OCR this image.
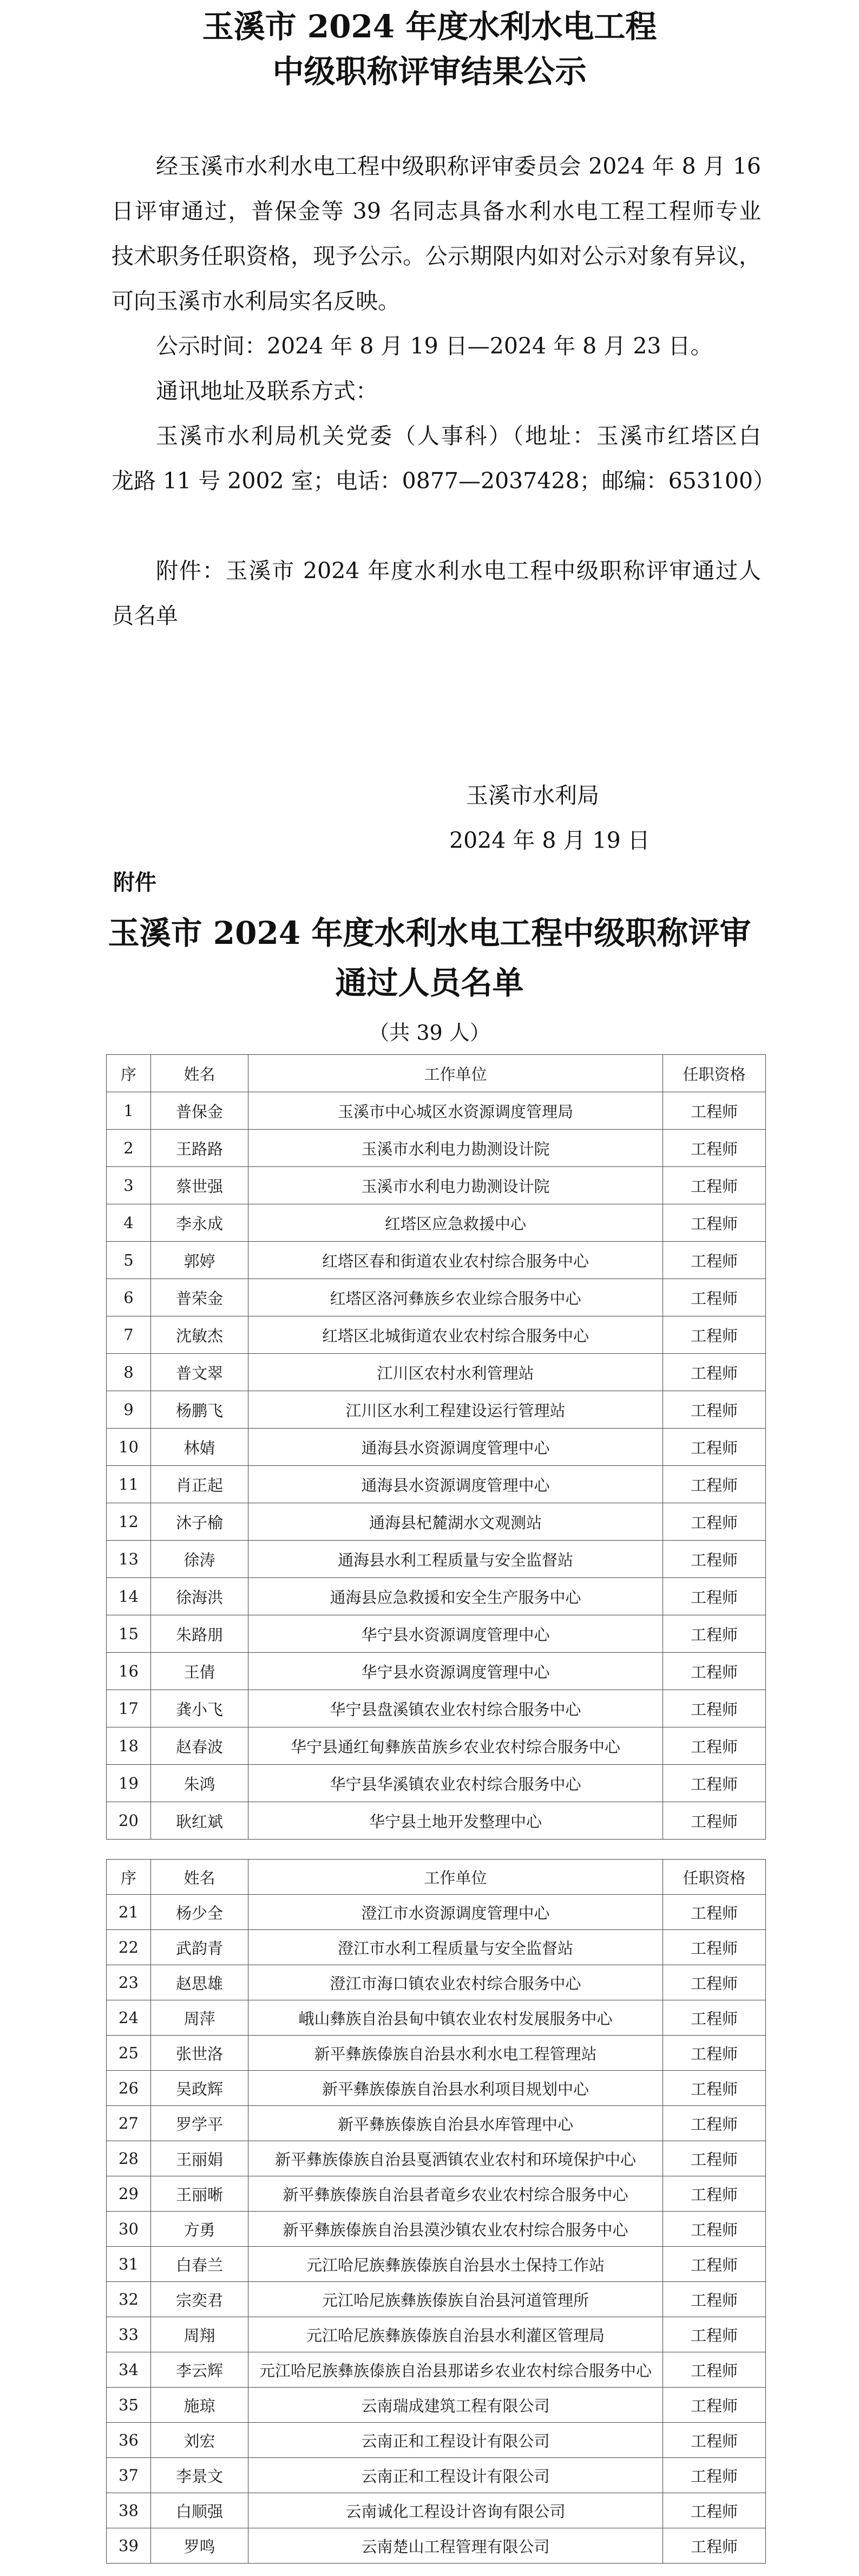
玉溪市 2024 年度水利水电工程
中级职称评审结果公示
经玉溪市水利水电工程中级职称评审委员会 2024 年 8 月 16
日评审通过，普保金等 39 名同志具备水利水电工程工程师专业
技术职务任职资格，现予公示。公示期限内如对公示对象有异议，
可向玉溪市水利局实名反映。
公示时间：2024 年 8 月 19 日—2024 年 8 月 23 日。
通讯地址及联系方式：
玉溪市水利局机关党委（人事科）（地址：玉溪市红塔区白
龙路 11 号 2002 室；电话：0877—2037428；邮编：653100）
附件：玉溪市 2024 年度水利水电工程中级职称评审通过人
员名单
玉溪市水利局
2024 年 8 月 19 日
附件
玉溪市 2024 年度水利水电工程中级职称评审
通过人员名单
（共 39 人）
序	姓名	工作单位	任职资格
1	普保金	玉溪市中心城区水资源调度管理局	工程师
2	王路路	玉溪市水利电力勘测设计院	工程师
3	蔡世强	玉溪市水利电力勘测设计院	工程师
4	李永成	红塔区应急救援中心	工程师
5	郭婷	红塔区春和街道农业农村综合服务中心	工程师
6	普荣金	红塔区洛河彝族乡农业综合服务中心	工程师
7	沈敏杰	红塔区北城街道农业农村综合服务中心	工程师
8	普文翠	江川区农村水利管理站	工程师
9	杨鹏飞	江川区水利工程建设运行管理站	工程师
10	林婧	通海县水资源调度管理中心	工程师
11	肖正起	通海县水资源调度管理中心	工程师
12	沐子榆	通海县杞麓湖水文观测站	工程师
13	徐涛	通海县水利工程质量与安全监督站	工程师
14	徐海洪	通海县应急救援和安全生产服务中心	工程师
15	朱路朋	华宁县水资源调度管理中心	工程师
16	王倩	华宁县水资源调度管理中心	工程师
17	龚小飞	华宁县盘溪镇农业农村综合服务中心	工程师
18	赵春波	华宁县通红甸彝族苗族乡农业农村综合服务中心	工程师
19	朱鸿	华宁县华溪镇农业农村综合服务中心	工程师
20	耿红斌	华宁县土地开发整理中心	工程师
序	姓名	工作单位	任职资格
21	杨少全	澄江市水资源调度管理中心	工程师
22	武韵青	澄江市水利工程质量与安全监督站	工程师
23	赵思雄	澄江市海口镇农业农村综合服务中心	工程师
24	周萍	峨山彝族自治县甸中镇农业农村发展服务中心	工程师
25	张世洛	新平彝族傣族自治县水利水电工程管理站	工程师
26	吴政辉	新平彝族傣族自治县水利项目规划中心	工程师
27	罗学平	新平彝族傣族自治县水库管理中心	工程师
28	王丽娟	新平彝族傣族自治县戛洒镇农业农村和环境保护中心	工程师
29	王丽晰	新平彝族傣族自治县者竜乡农业农村综合服务中心	工程师
30	方勇	新平彝族傣族自治县漠沙镇农业农村综合服务中心	工程师
31	白春兰	元江哈尼族彝族傣族自治县水土保持工作站	工程师
32	宗奕君	元江哈尼族彝族傣族自治县河道管理所	工程师
33	周翔	元江哈尼族彝族傣族自治县水利灌区管理局	工程师
34	李云辉	元江哈尼族彝族傣族自治县那诺乡农业农村综合服务中心	工程师
35	施琼	云南瑞成建筑工程有限公司	工程师
36	刘宏	云南正和工程设计有限公司	工程师
37	李景文	云南正和工程设计有限公司	工程师
38	白顺强	云南诚化工程设计咨询有限公司	工程师
39	罗鸣	云南楚山工程管理有限公司	工程师
